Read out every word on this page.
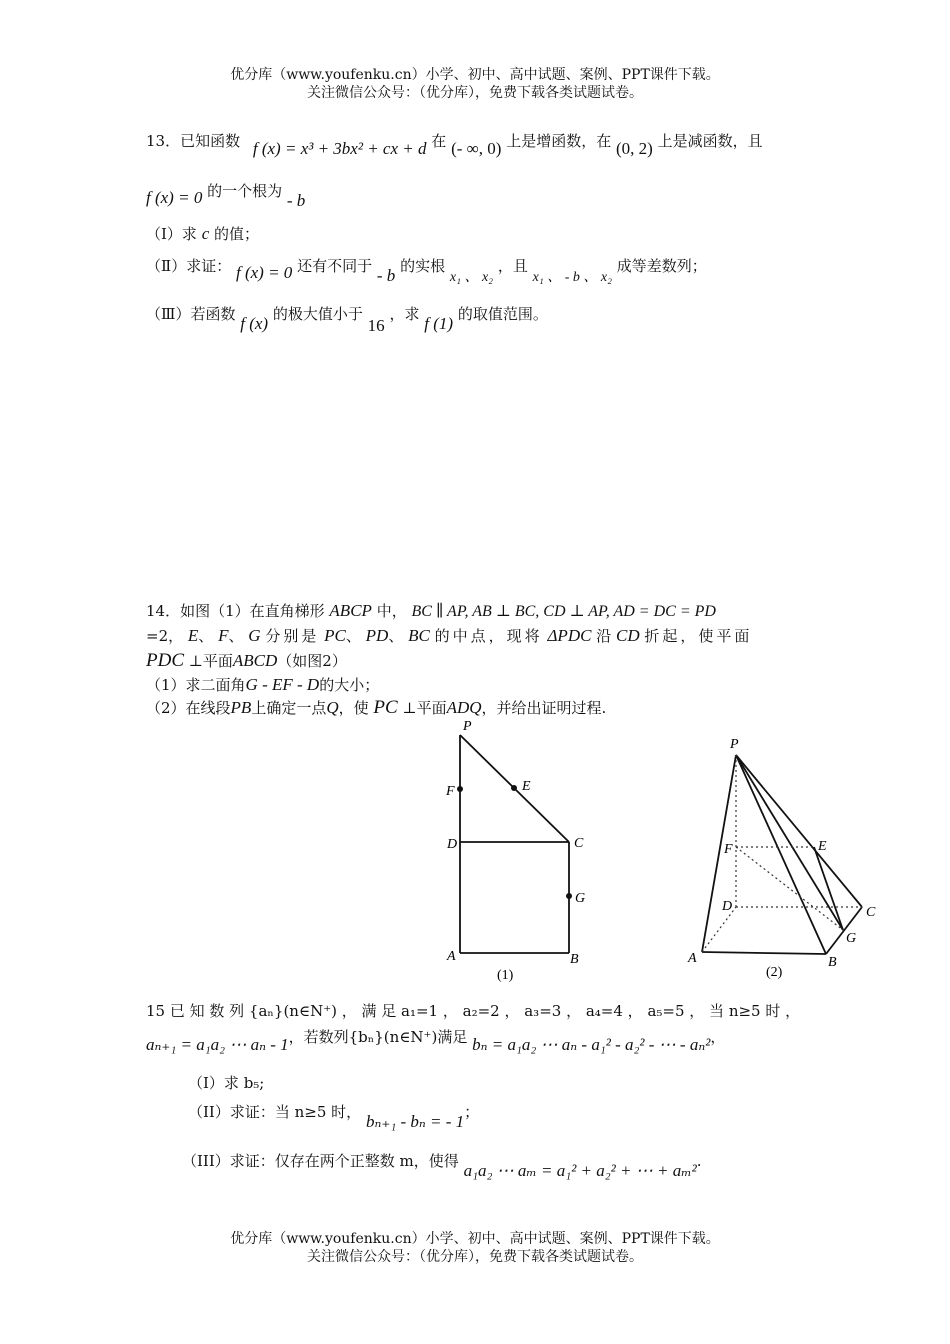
优分库（www.youfenku.cn）小学、初中、高中试题、案例、PPT课件下载。
关注微信公众号：（优分库），免费下载各类试题试卷。
13．已知函数 f (x) = x³ + 3bx² + cx + d 在 (- ∞, 0) 上是增函数，在 (0, 2) 上是减函数，且
f (x) = 0 的一个根为 - b
（Ⅰ）求 c 的值；
（Ⅱ）求证： f (x) = 0 还有不同于 - b 的实根 x₁ 、 x₂ ，且 x₁ 、 - b 、 x₂ 成等差数列；
（Ⅲ）若函数 f (x) 的极大值小于 16 ，求 f (1) 的取值范围。
14．如图（1）在直角梯形 ABCP 中， BC ∥ AP, AB ⊥ BC, CD ⊥ AP, AD = DC = PD
=2， E、 F、 G 分别是 PC、 PD、 BC 的中点，现将 ΔPDC 沿 CD 折起，使平面
PDC ⊥平面ABCD（如图2）
（1）求二面角G - EF - D的大小；
（2）在线段PB上确定一点Q，使 PC ⊥平面ADQ，并给出证明过程.
P
F	E
D	C
G
A	B
(1)
P
F	E
D	C
G
A	B
(2)
15 已 知 数 列 {aₙ}(n∈N⁺) ， 满 足 a₁=1 ， a₂=2 ， a₃=3 ， a₄=4 ， a₅=5 ， 当 n≥5 时 ，
aₙ₊₁ = a₁a₂ ⋯ aₙ - 1，若数列{bₙ}(n∈N⁺)满足 bₙ = a₁a₂ ⋯ aₙ - a₁² - a₂² - ⋯ - aₙ²，
（I）求 b₅;
（II）求证：当 n≥5 时， bₙ₊₁ - bₙ = - 1；
（III）求证：仅存在两个正整数 m，使得 a₁a₂ ⋯ aₘ = a₁² + a₂² + ⋯ + aₘ².
优分库（www.youfenku.cn）小学、初中、高中试题、案例、PPT课件下载。
关注微信公众号：（优分库），免费下载各类试题试卷。
